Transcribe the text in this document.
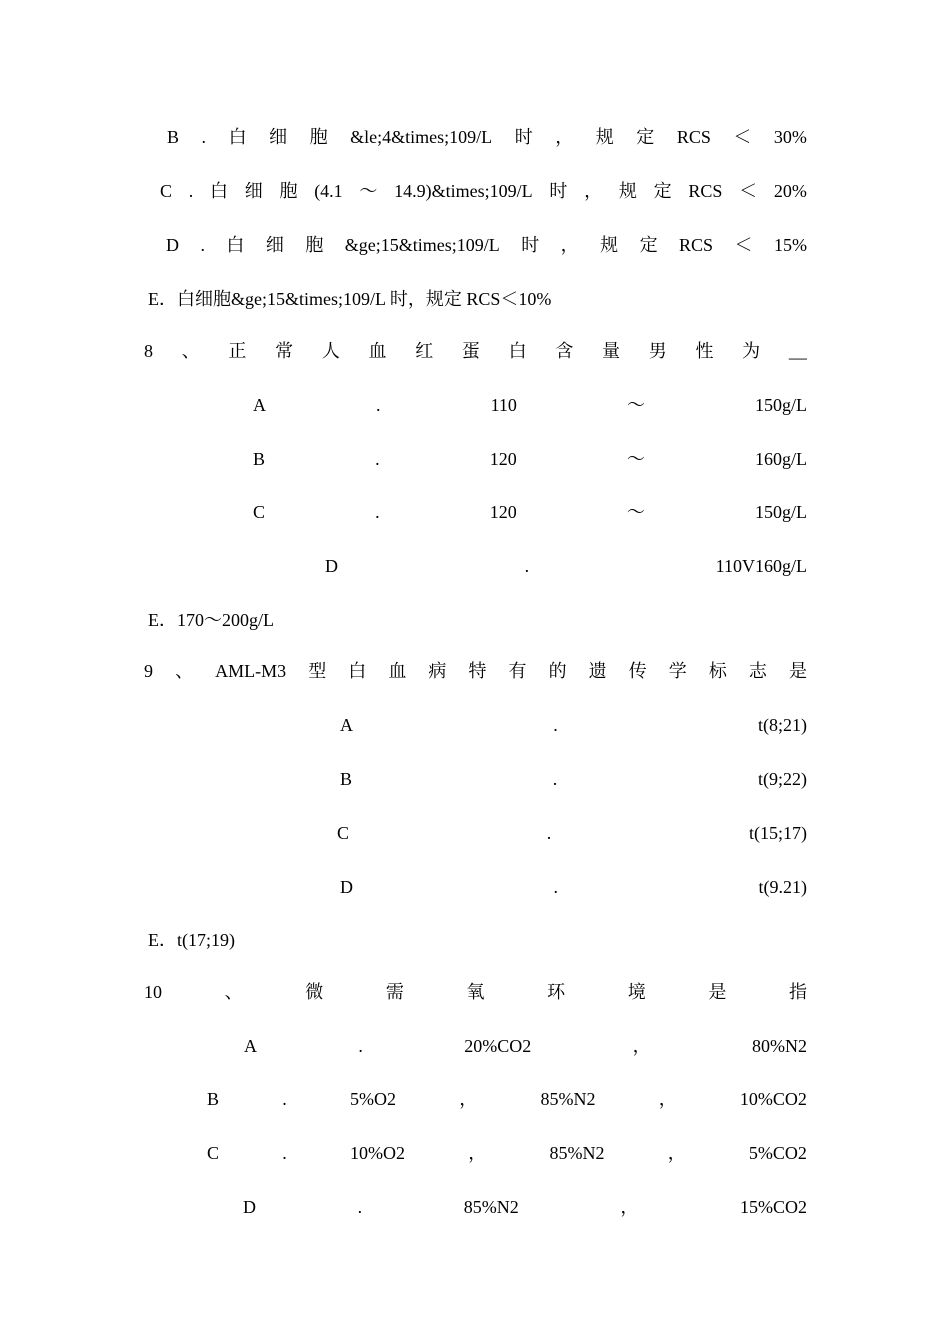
B . 白 细 胞 &le;4&times;109/L 时 ， 规 定 RCS ＜ 30%
C . 白 细 胞 (4.1 ～ 14.9)&times;109/L 时 ， 规 定 RCS ＜ 20%
D . 白 细 胞 &ge;15&times;109/L 时 ， 规 定 RCS ＜ 15%
E．白细胞&ge;15&times;109/L 时，规定 RCS＜10%
8 、 正 常 人 血 红 蛋 白 含 量 男 性 为 __
A	.	110	～	150g/L
B	.	120	～	160g/L
C	.	120	～	150g/L
D	.	110V160g/L
E．170～200g/L
9 、 AML-M3 型 白 血 病 特 有 的 遗 传 学 标 志 是
A	.	t(8;21)
B	.	t(9;22)
C	.	t(15;17)
D	.	t(9.21)
E．t(17;19)
10	、	微	需	氧	环	境	是	指
A	.	20%CO2	，	80%N2
B	.	5%O2	，	85%N2	，	10%CO2
C	.	10%O2	，	85%N2	，	5%CO2
D	.	85%N2	，	15%CO2
